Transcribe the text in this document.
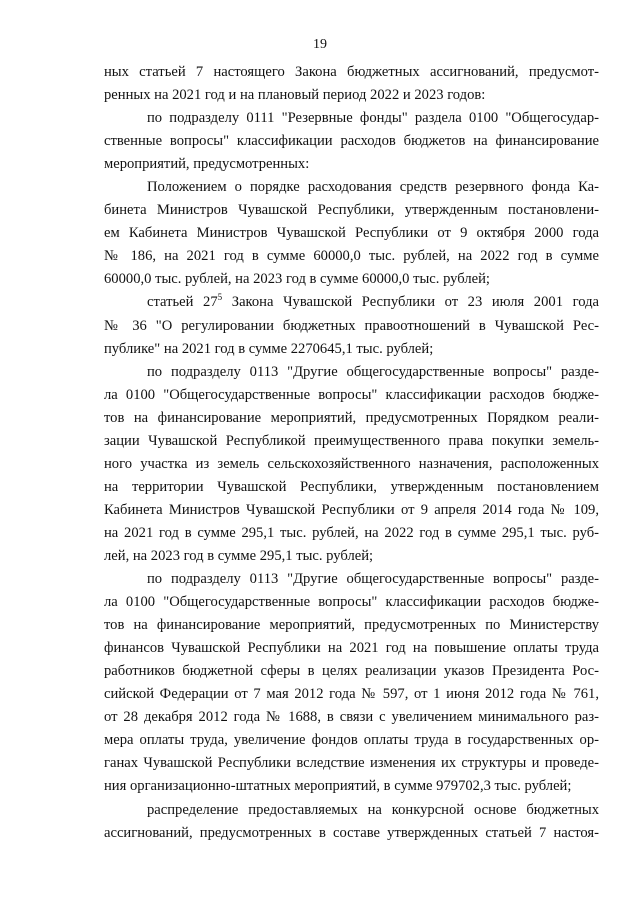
19
ных статьей 7 настоящего Закона бюджетных ассигнований, предусмот-
ренных на 2021 год и на плановый период 2022 и 2023 годов:
по подразделу 0111 "Резервные фонды" раздела 0100 "Общегосудар-
ственные вопросы" классификации расходов бюджетов на финансирование
мероприятий, предусмотренных:
Положением о порядке расходования средств резервного фонда Ка-
бинета Министров Чувашской Республики, утвержденным постановлени-
ем Кабинета Министров Чувашской Республики от 9 октября 2000 года
№ 186, на 2021 год в сумме 60000,0 тыс. рублей, на 2022 год в сумме
60000,0 тыс. рублей, на 2023 год в сумме 60000,0 тыс. рублей;
статьей $27^5$ Закона Чувашской Республики от 23 июля 2001 года
№ 36 "О регулировании бюджетных правоотношений в Чувашской Рес-
публике" на 2021 год в сумме 2270645,1 тыс. рублей;
по подразделу 0113 "Другие общегосударственные вопросы" разде-
ла 0100 "Общегосударственные вопросы" классификации расходов бюдже-
тов на финансирование мероприятий, предусмотренных Порядком реали-
зации Чувашской Республикой преимущественного права покупки земель-
ного участка из земель сельскохозяйственного назначения, расположенных
на территории Чувашской Республики, утвержденным постановлением
Кабинета Министров Чувашской Республики от 9 апреля 2014 года № 109,
на 2021 год в сумме 295,1 тыс. рублей, на 2022 год в сумме 295,1 тыс. руб-
лей, на 2023 год в сумме 295,1 тыс. рублей;
по подразделу 0113 "Другие общегосударственные вопросы" разде-
ла 0100 "Общегосударственные вопросы" классификации расходов бюдже-
тов на финансирование мероприятий, предусмотренных по Министерству
финансов Чувашской Республики на 2021 год на повышение оплаты труда
работников бюджетной сферы в целях реализации указов Президента Рос-
сийской Федерации от 7 мая 2012 года № 597, от 1 июня 2012 года № 761,
от 28 декабря 2012 года № 1688, в связи с увеличением минимального раз-
мера оплаты труда, увеличение фондов оплаты труда в государственных ор-
ганах Чувашской Республики вследствие изменения их структуры и проведе-
ния организационно-штатных мероприятий, в сумме 979702,3 тыс. рублей;
распределение предоставляемых на конкурсной основе бюджетных
ассигнований, предусмотренных в составе утвержденных статьей 7 настоя-
